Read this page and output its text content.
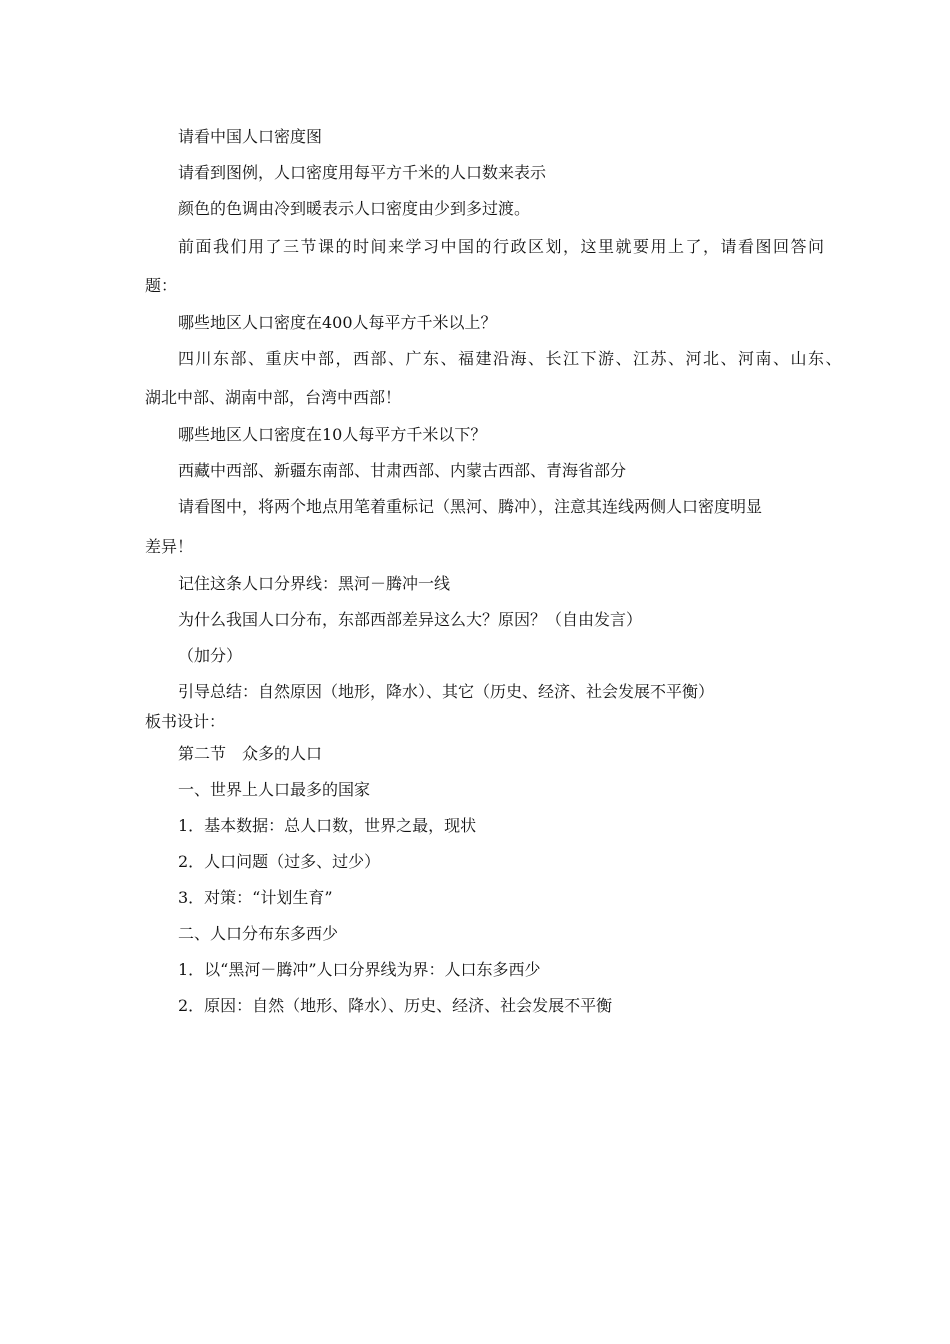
请看中国人口密度图
请看到图例，人口密度用每平方千米的人口数来表示
颜色的色调由冷到暖表示人口密度由少到多过渡。
前面我们用了三节课的时间来学习中国的行政区划，这里就要用上了，请看图回答问
题：
哪些地区人口密度在400人每平方千米以上？
四川东部、重庆中部，西部、广东、福建沿海、长江下游、江苏、河北、河南、山东、
湖北中部、湖南中部，台湾中西部！
哪些地区人口密度在10人每平方千米以下？
西藏中西部、新疆东南部、甘肃西部、内蒙古西部、青海省部分
请看图中，将两个地点用笔着重标记（黑河、腾冲），注意其连线两侧人口密度明显
差异！
记住这条人口分界线：黑河－腾冲一线
为什么我国人口分布，东部西部差异这么大？原因？（自由发言）
（加分）
引导总结：自然原因（地形，降水）、其它（历史、经济、社会发展不平衡）
板书设计：
第二节　众多的人口
一、世界上人口最多的国家
1．基本数据：总人口数，世界之最，现状
2．人口问题（过多、过少）
3．对策：“计划生育”
二、人口分布东多西少
1．以“黑河－腾冲”人口分界线为界：人口东多西少
2．原因：自然（地形、降水）、历史、经济、社会发展不平衡
